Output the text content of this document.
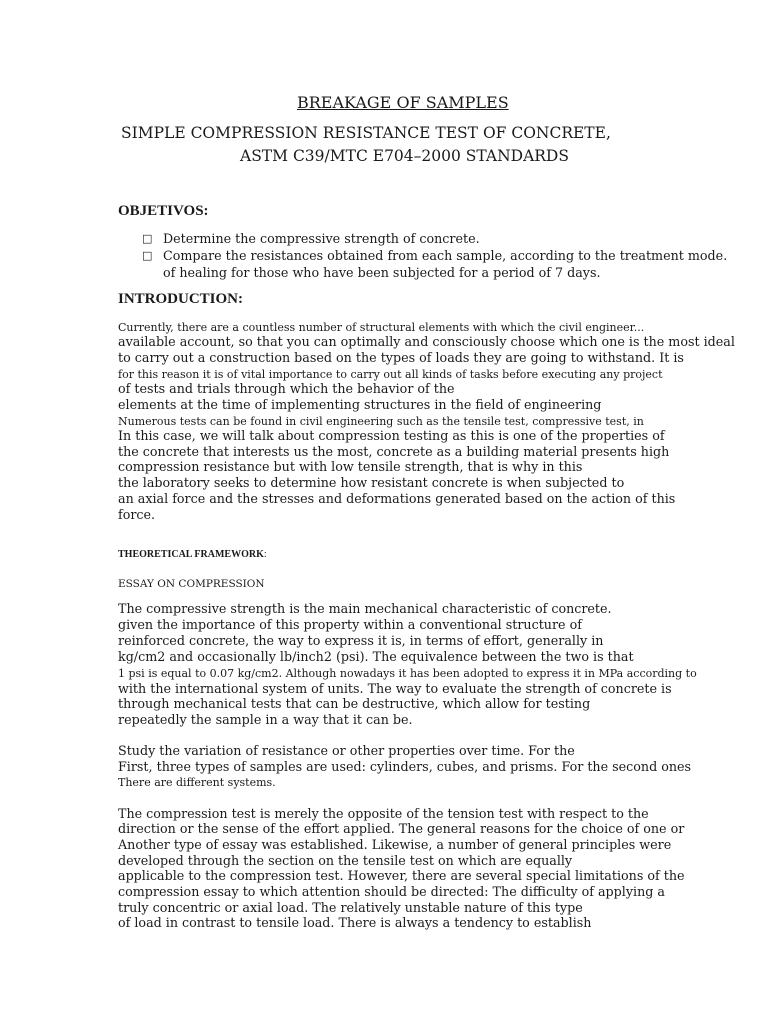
BREAKAGE OF SAMPLES
SIMPLE COMPRESSION RESISTANCE TEST OF CONCRETE,
ASTM C39/MTC E704–2000 STANDARDS
OBJETIVOS:
□ Determine the compressive strength of concrete.
□ Compare the resistances obtained from each sample, according to the treatment mode.
of healing for those who have been subjected for a period of 7 days.
INTRODUCTION:
Currently, there are a countless number of structural elements with which the civil engineer...
available account, so that you can optimally and consciously choose which one is the most ideal
to carry out a construction based on the types of loads they are going to withstand. It is
for this reason it is of vital importance to carry out all kinds of tasks before executing any project
of tests and trials through which the behavior of the
elements at the time of implementing structures in the field of engineering
Numerous tests can be found in civil engineering such as the tensile test, compressive test, in
In this case, we will talk about compression testing as this is one of the properties of
the concrete that interests us the most, concrete as a building material presents high
compression resistance but with low tensile strength, that is why in this
the laboratory seeks to determine how resistant concrete is when subjected to
an axial force and the stresses and deformations generated based on the action of this
force.
THEORETICAL FRAMEWORK:
ESSAY ON COMPRESSION
The compressive strength is the main mechanical characteristic of concrete.
given the importance of this property within a conventional structure of
reinforced concrete, the way to express it is, in terms of effort, generally in
kg/cm2 and occasionally lb/inch2 (psi). The equivalence between the two is that
1 psi is equal to 0.07 kg/cm2. Although nowadays it has been adopted to express it in MPa according to
with the international system of units. The way to evaluate the strength of concrete is
through mechanical tests that can be destructive, which allow for testing
repeatedly the sample in a way that it can be.
Study the variation of resistance or other properties over time. For the
First, three types of samples are used: cylinders, cubes, and prisms. For the second ones
There are different systems.
The compression test is merely the opposite of the tension test with respect to the
direction or the sense of the effort applied. The general reasons for the choice of one or
Another type of essay was established. Likewise, a number of general principles were
developed through the section on the tensile test on which are equally
applicable to the compression test. However, there are several special limitations of the
compression essay to which attention should be directed: The difficulty of applying a
truly concentric or axial load. The relatively unstable nature of this type
of load in contrast to tensile load. There is always a tendency to establish
